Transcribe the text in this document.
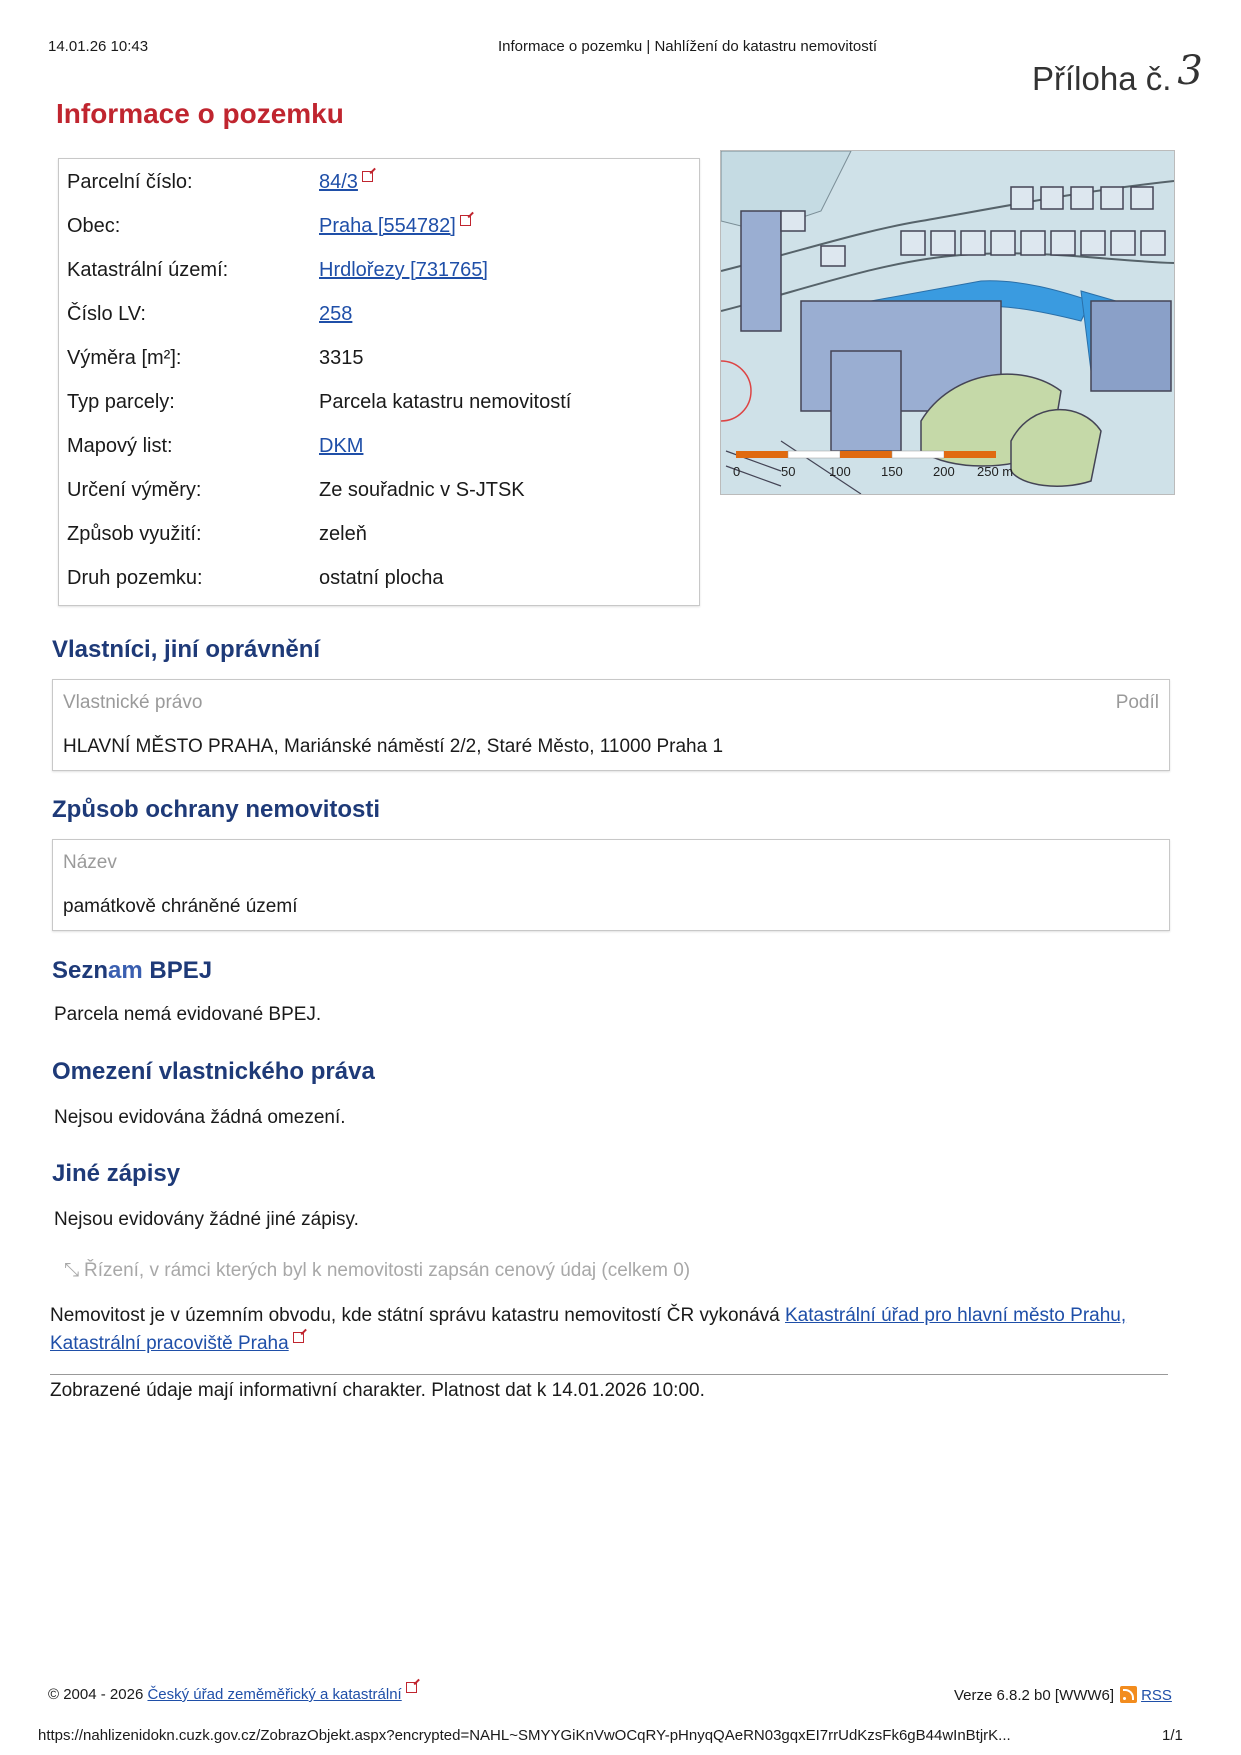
14.01.26 10:43	Informace o pozemku | Nahlížení do katastru nemovitostí
Příloha č. 3
Informace o pozemku
Parcelní číslo:	84/3
Obec:	Praha [554782]
Katastrální území:	Hrdlořezy [731765]
Číslo LV:	258
Výměra [m²]:	3315
Typ parcely:	Parcela katastru nemovitostí
Mapový list:	DKM
Určení výměry:	Ze souřadnic v S-JTSK
Způsob využití:	zeleň
Druh pozemku:	ostatní plocha
0	50	100 150 200 250 m
Vlastníci, jiní oprávnění
Vlastnické právo	Podíl
HLAVNÍ MĚSTO PRAHA, Mariánské náměstí 2/2, Staré Město, 11000 Praha 1
Způsob ochrany nemovitosti
Název
památkově chráněné území
Seznam BPEJ
Parcela nemá evidované BPEJ.
Omezení vlastnického práva
Nejsou evidována žádná omezení.
Jiné zápisy
Nejsou evidovány žádné jiné zápisy.
⤡ Řízení, v rámci kterých byl k nemovitosti zapsán cenový údaj (celkem 0)
Nemovitost je v územním obvodu, kde státní správu katastru nemovitostí ČR vykonává Katastrální úřad pro hlavní město Prahu, Katastrální pracoviště Praha
Zobrazené údaje mají informativní charakter. Platnost dat k 14.01.2026 10:00.
© 2004 - 2026 Český úřad zeměměřický a katastrální	Verze 6.8.2 b0 [WWW6] RSS
https://nahlizenidokn.cuzk.gov.cz/ZobrazObjekt.aspx?encrypted=NAHL~SMYYGiKnVwOCqRY-pHnyqQAeRN03gqxEI7rrUdKzsFk6gB44wInBtjrK...	1/1
